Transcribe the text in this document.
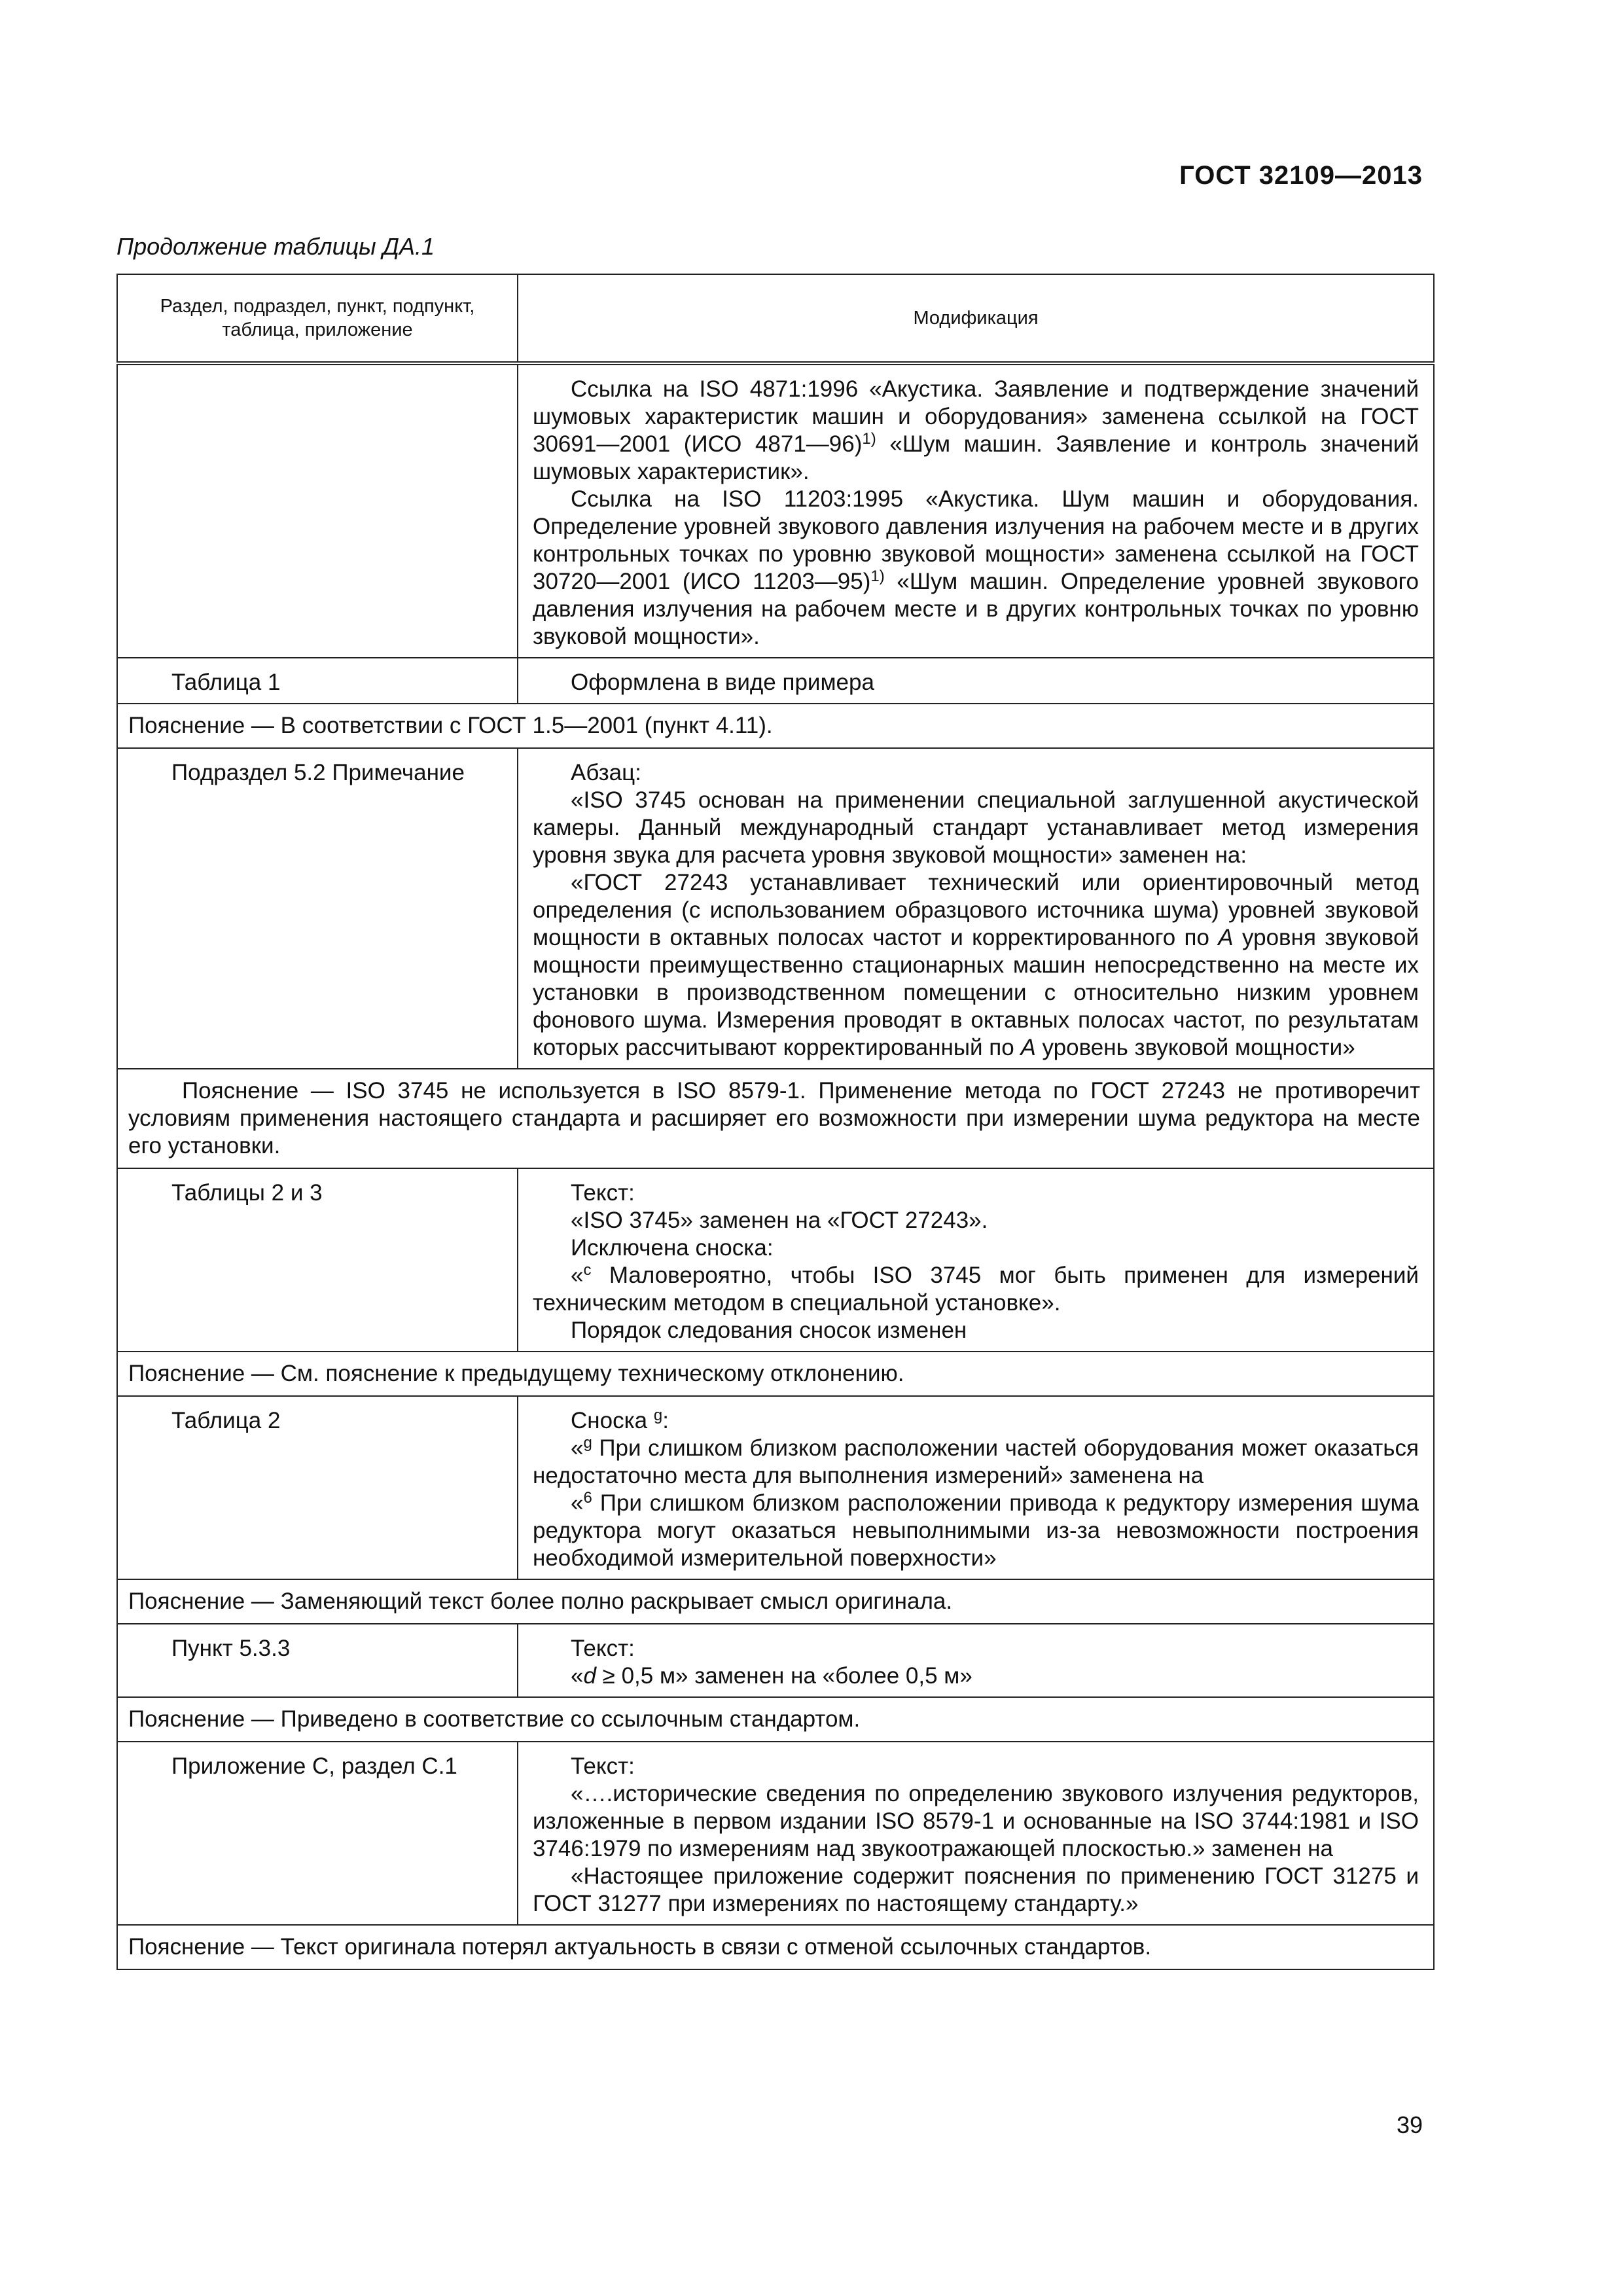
ГОСТ 32109—2013
Продолжение таблицы ДА.1
Раздел, подраздел, пункт, подпункт, таблица, приложение	Модификация

	Ссылка на ISO 4871:1996 «Акустика. Заявление и подтверждение значений шумовых характеристик машин и оборудования» заменена ссылкой на ГОСТ 30691—2001 (ИСО 4871—96)$^{1)}$ «Шум машин. Заявление и контроль значений шумовых характеристик».

Ссылка на ISO 11203:1995 «Акустика. Шум машин и оборудования. Определение уровней звукового давления излучения на рабочем месте и в других контрольных точках по уровню звуковой мощности» заменена ссылкой на ГОСТ 30720—2001 (ИСО 11203—95)$^{1)}$ «Шум машин. Определение уровней звукового давления излучения на рабочем месте и в других контрольных точках по уровню звуковой мощности».

Таблица 1	Оформлена в виде примера

Пояснение — В соответствии с ГОСТ 1.5—2001 (пункт 4.11).	
Подраздел 5.2 Примечание	Абзац:

«ISO 3745 основан на применении специальной заглушенной акустической камеры. Данный международный стандарт устанавливает метод измерения уровня звука для расчета уровня звуковой мощности» заменен на:

«ГОСТ 27243 устанавливает технический или ориентировочный метод определения (с использованием образцового источника шума) уровней звуковой мощности в октавных полосах частот и корректированного по A уровня звуковой мощности преимущественно стационарных машин непосредственно на месте их установки в производственном помещении с относительно низким уровнем фонового шума. Измерения проводят в октавных полосах частот, по результатам которых рассчитывают корректированный по A уровень звуковой мощности»

Пояснение — ISO 3745 не используется в ISO 8579-1. Применение метода по ГОСТ 27243 не противоречит условиям применения настоящего стандарта и расширяет его возможности при измерении шума редуктора на месте его установки.	

Таблицы 2 и 3	Текст:

«ISO 3745» заменен на «ГОСТ 27243».

Исключена сноска:

«$^c$ Маловероятно, чтобы ISO 3745 мог быть применен для измерений техническим методом в специальной установке».

Порядок следования сносок изменен

Пояснение — См. пояснение к предыдущему техническому отклонению.	
Таблица 2	Сноска $^g$:

«$^g$ При слишком близком расположении частей оборудования может оказаться недостаточно места для выполнения измерений» заменена на

«$^6$ При слишком близком расположении привода к редуктору измерения шума редуктора могут оказаться невыполнимыми из-за невозможности построения необходимой измерительной поверхности»

Пояснение — Заменяющий текст более полно раскрывает смысл оригинала.	
Пункт 5.3.3	Текст:

«d ≥ 0,5 м» заменен на «более 0,5 м»

Пояснение — Приведено в соответствие со ссылочным стандартом.	
Приложение С, раздел С.1	Текст:

«….исторические сведения по определению звукового излучения редукторов, изложенные в первом издании ISO 8579-1 и основанные на ISO 3744:1981 и ISO 3746:1979 по измерениям над звукоотражающей плоскостью.» заменен на

«Настоящее приложение содержит пояснения по применению ГОСТ 31275 и ГОСТ 31277 при измерениях по настоящему стандарту.»

Пояснение — Текст оригинала потерял актуальность в связи с отменой ссылочных стандартов.	
39
